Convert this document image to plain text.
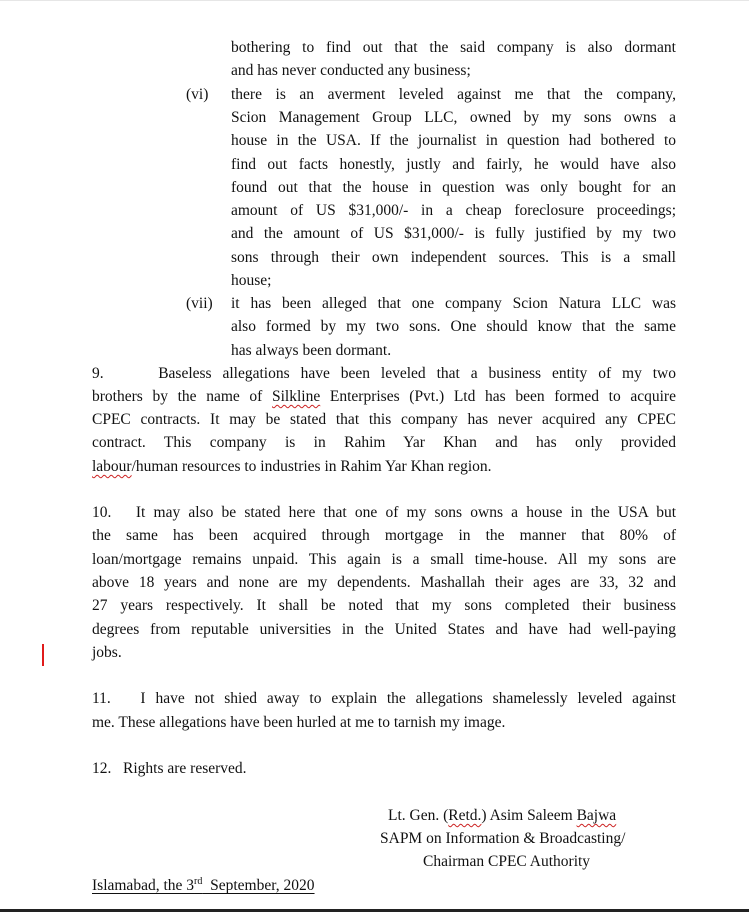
bothering to find out that the said company is also dormant
and has never conducted any business;
(vi) there is an averment leveled against me that the company,
Scion Management Group LLC, owned by my sons owns a
house in the USA. If the journalist in question had bothered to
find out facts honestly, justly and fairly, he would have also
found out that the house in question was only bought for an
amount of US $31,000/- in a cheap foreclosure proceedings;
and the amount of US $31,000/- is fully justified by my two
sons through their own independent sources. This is a small
house;
(vii) it has been alleged that one company Scion Natura LLC was
also formed by my two sons. One should know that the same
has always been dormant.
9.     Baseless allegations have been leveled that a business entity of my two
brothers by the name of Silkline Enterprises (Pvt.) Ltd has been formed to acquire
CPEC contracts. It may be stated that this company has never acquired any CPEC
contract. This company is in Rahim Yar Khan and has only provided
labour/human resources to industries in Rahim Yar Khan region.
10.   It may also be stated here that one of my sons owns a house in the USA but
the same has been acquired through mortgage in the manner that 80% of
loan/mortgage remains unpaid. This again is a small time-house. All my sons are
above 18 years and none are my dependents. Mashallah their ages are 33, 32 and
27 years respectively. It shall be noted that my sons completed their business
degrees from reputable universities in the United States and have had well-paying
jobs.
11.   I have not shied away to explain the allegations shamelessly leveled against
me. These allegations have been hurled at me to tarnish my image.
12.   Rights are reserved.
Lt. Gen. (Retd.) Asim Saleem Bajwa
SAPM on Information & Broadcasting/
Chairman CPEC Authority
Islamabad, the 3rd  September, 2020
